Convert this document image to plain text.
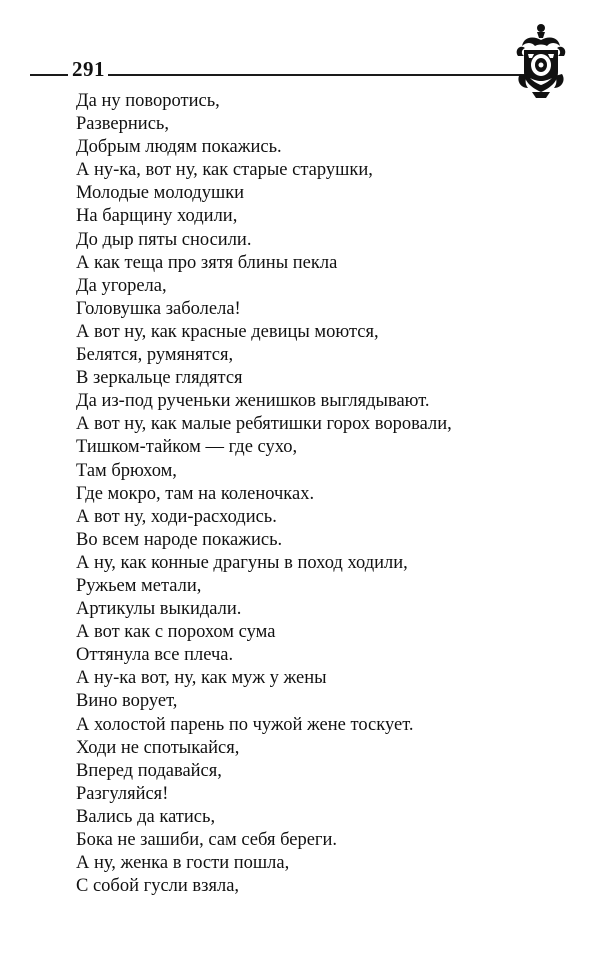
291
Да ну поворотись,
Развернись,
Добрым людям покажись.
А ну-ка, вот ну, как старые старушки,
Молодые молодушки
На барщину ходили,
До дыр пяты сносили.
А как теща про зятя блины пекла
Да угорела,
Головушка заболела!
А вот ну, как красные девицы моются,
Белятся, румянятся,
В зеркальце глядятся
Да из-под рученьки женишков выглядывают.
А вот ну, как малые ребятишки горох воровали,
Тишком-тайком — где сухо,
Там брюхом,
Где мокро, там на коленочках.
А вот ну, ходи-расходись.
Во всем народе покажись.
А ну, как конные драгуны в поход ходили,
Ружьем метали,
Артикулы выкидали.
А вот как с порохом сума
Оттянула все плеча.
А ну-ка вот, ну, как муж у жены
Вино ворует,
А холостой парень по чужой жене тоскует.
Ходи не спотыкайся,
Вперед подавайся,
Разгуляйся!
Вались да катись,
Бока не зашиби, сам себя береги.
А ну, женка в гости пошла,
С собой гусли взяла,
